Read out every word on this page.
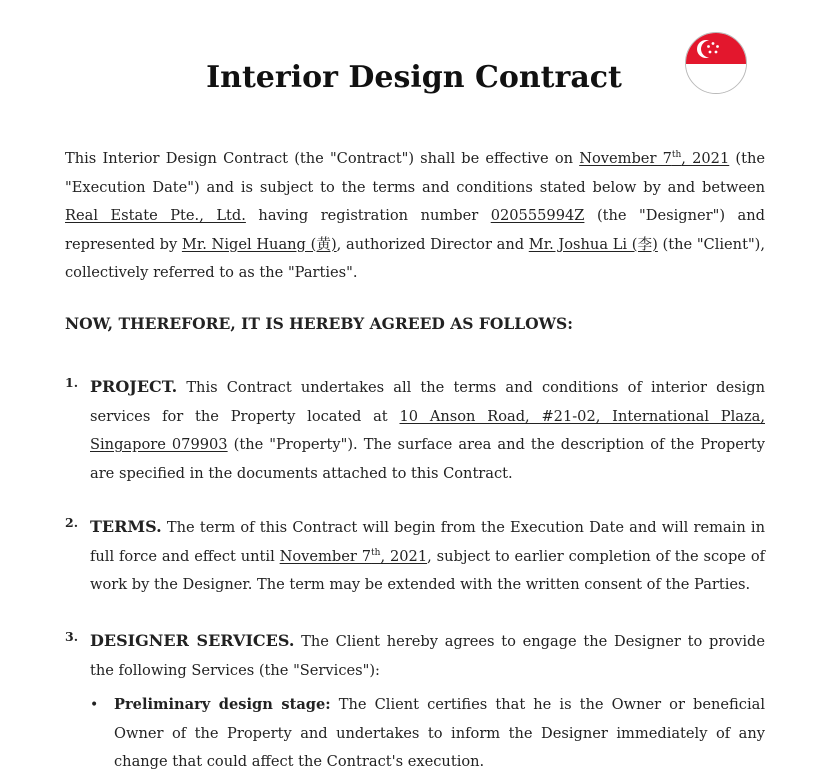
Interior Design Contract

This Interior Design Contract (the "Contract") shall be effective on November 7th, 2021 (the "Execution Date") and is subject to the terms and conditions stated below by and between Real Estate Pte., Ltd. having registration number 020555994Z (the "Designer") and represented by Mr. Nigel Huang (黄), authorized Director and Mr. Joshua Li (李) (the "Client"), collectively referred to as the "Parties".

NOW, THEREFORE, IT IS HEREBY AGREED AS FOLLOWS:

1. PROJECT. This Contract undertakes all the terms and conditions of interior design services for the Property located at 10 Anson Road, #21-02, International Plaza, Singapore 079903 (the "Property"). The surface area and the description of the Property are specified in the documents attached to this Contract.
2. TERMS. The term of this Contract will begin from the Execution Date and will remain in full force and effect until November 7th, 2021, subject to earlier completion of the scope of work by the Designer. The term may be extended with the written consent of the Parties.
3. DESIGNER SERVICES. The Client hereby agrees to engage the Designer to provide the following Services (the "Services"):
• Preliminary design stage: The Client certifies that he is the Owner or beneficial Owner of the Property and undertakes to inform the Designer immediately of any change that could affect the Contract's execution.
